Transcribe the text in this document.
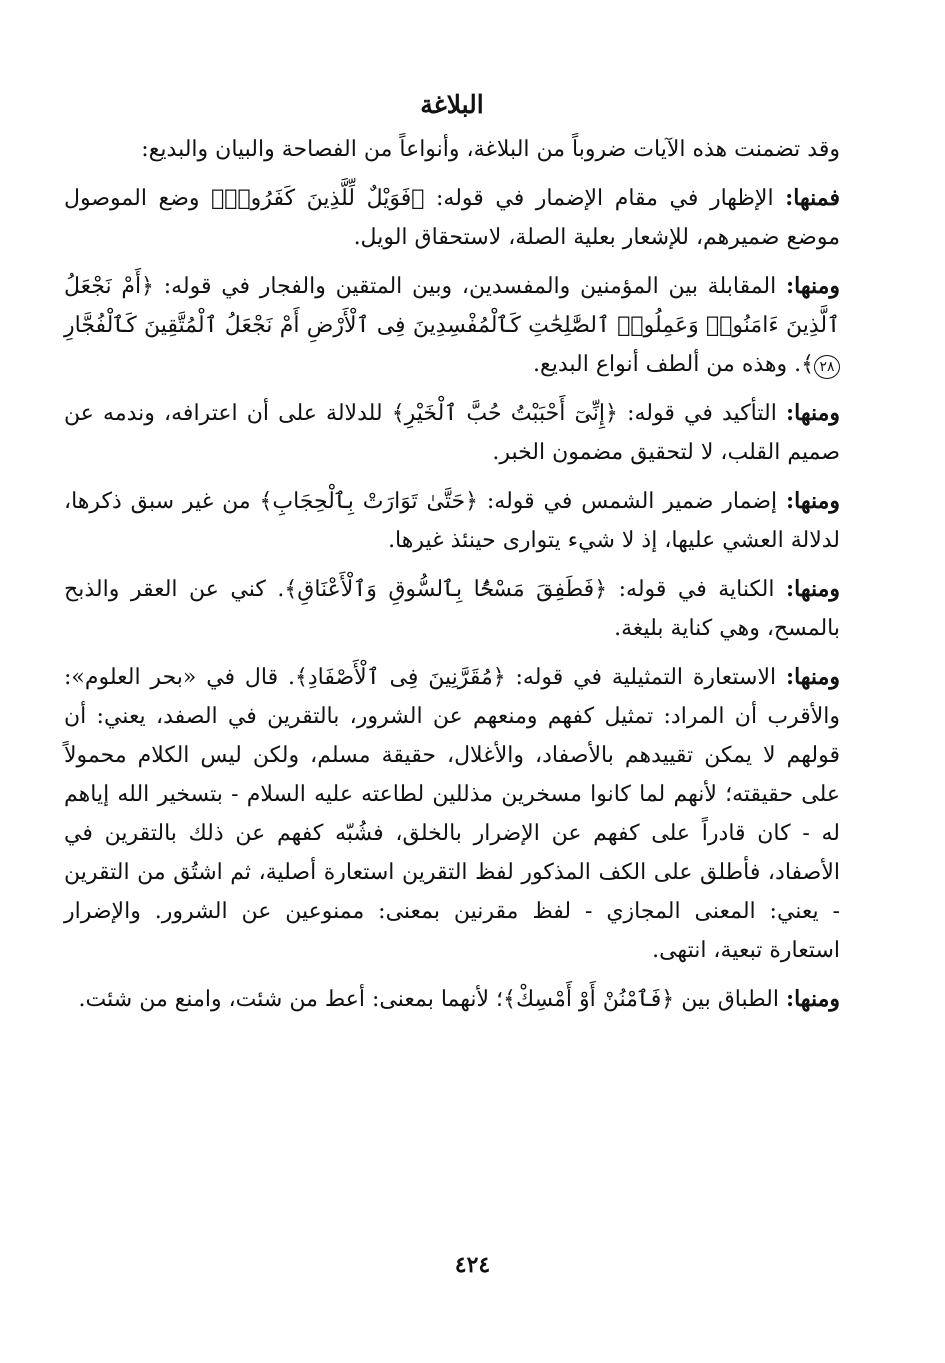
البلاغة

وقد تضمنت هذه الآيات ضروباً من البلاغة، وأنواعاً من الفصاحة والبيان والبديع:

فمنها: الإظهار في مقام الإضمار في قوله: ﴿فَوَيْلٌ لِّلَّذِينَ كَفَرُوا۟﴾ وضع الموصول موضع ضميرهم، للإشعار بعلية الصلة، لاستحقاق الويل.

ومنها: المقابلة بين المؤمنين والمفسدين، وبين المتقين والفجار في قوله: ﴿أَمْ نَجْعَلُ ٱلَّذِينَ ءَامَنُوا۟ وَعَمِلُوا۟ ٱلصَّٰلِحَٰتِ كَٱلْمُفْسِدِينَ فِى ٱلْأَرْضِ أَمْ نَجْعَلُ ٱلْمُتَّقِينَ كَٱلْفُجَّارِ ٢٨﴾. وهذه من ألطف أنواع البديع.

ومنها: التأكيد في قوله: ﴿إِنِّىٓ أَحْبَبْتُ حُبَّ ٱلْخَيْرِ﴾ للدلالة على أن اعترافه، وندمه عن صميم القلب، لا لتحقيق مضمون الخبر.

ومنها: إضمار ضمير الشمس في قوله: ﴿حَتَّىٰ تَوَارَتْ بِٱلْحِجَابِ﴾ من غير سبق ذكرها، لدلالة العشي عليها، إذ لا شيء يتوارى حينئذ غيرها.

ومنها: الكناية في قوله: ﴿فَطَفِقَ مَسْحًۢا بِٱلسُّوقِ وَٱلْأَعْنَاقِ﴾. كني عن العقر والذبح بالمسح، وهي كناية بليغة.

ومنها: الاستعارة التمثيلية في قوله: ﴿مُقَرَّنِينَ فِى ٱلْأَصْفَادِ﴾. قال في «بحر العلوم»: والأقرب أن المراد: تمثيل كفهم ومنعهم عن الشرور، بالتقرين في الصفد، يعني: أن قولهم لا يمكن تقييدهم بالأصفاد، والأغلال، حقيقة مسلم، ولكن ليس الكلام محمولاً على حقيقته؛ لأنهم لما كانوا مسخرين مذللين لطاعته عليه السلام - بتسخير الله إياهم له - كان قادراً على كفهم عن الإضرار بالخلق، فشُبّه كفهم عن ذلك بالتقرين في الأصفاد، فأطلق على الكف المذكور لفظ التقرين استعارة أصلية، ثم اشتُق من التقرين - يعني: المعنى المجازي - لفظ مقرنين بمعنى: ممنوعين عن الشرور. والإضرار استعارة تبعية، انتهى.

ومنها: الطباق بين ﴿فَٱمْنُنْ أَوْ أَمْسِكْ﴾؛ لأنهما بمعنى: أعط من شئت، وامنع من شئت.

٤٢٤
